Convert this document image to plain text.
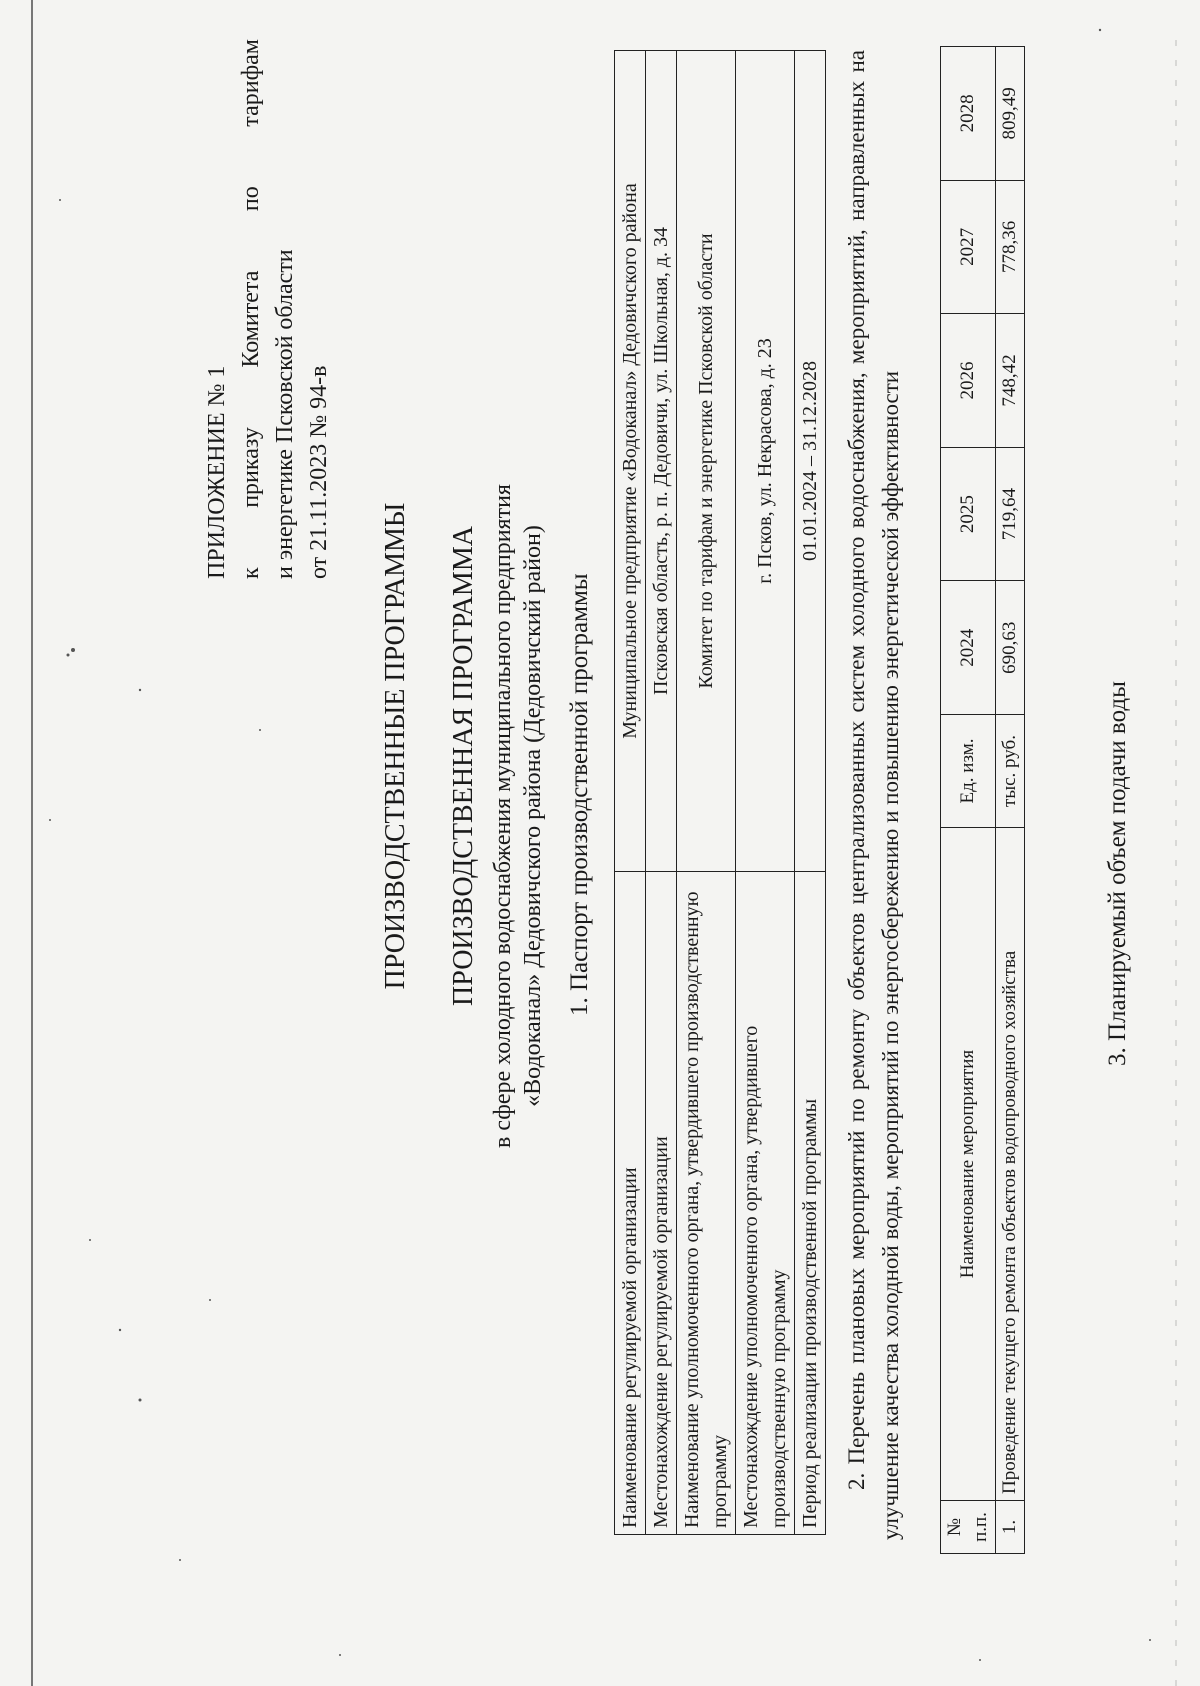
ПРИЛОЖЕНИЕ № 1 к
приказу
Комитета
по
тарифам
и энергетике Псковской области от 21.11.2023 № 94-в
ПРОИЗВОДСТВЕННЫЕ ПРОГРАММЫ ПРОИЗВОДСТВЕННАЯ ПРОГРАММА в сфере холодного водоснабжения муниципального предприятия «Водоканал» Дедовичского района (Дедовичский район) 1. Паспорт производственной программы
Наименование регулируемой организации	Муниципальное предприятие «Водоканал» Дедовичского района
Местонахождение регулируемой организации	Псковская область, р. п. Дедовичи, ул. Школьная, д. 34
Наименование уполномоченного органа, утвердившего производственную программу	Комитет по тарифам и энергетике Псковской области
Местонахождение уполномоченного органа, утвердившего производственную программу	г. Псков, ул. Некрасова, д. 23
Период реализации производственной программы	01.01.2024 – 31.12.2028 2. Перечень плановых мероприятий по ремонту объектов централизованных систем холодного водоснабжения, мероприятий, направленных на улучшение качества холодной воды, мероприятий по энергосбережению и повышению энергетической эффективности № п.п.	Наименование мероприятия	Ед. изм.	2024	2025	2026	2027	2028
1.	Проведение текущего ремонта объектов водопроводного хозяйства	тыс. руб.	690,63	719,64	748,42	778,36	809,49
3. Планируемый объем подачи воды
